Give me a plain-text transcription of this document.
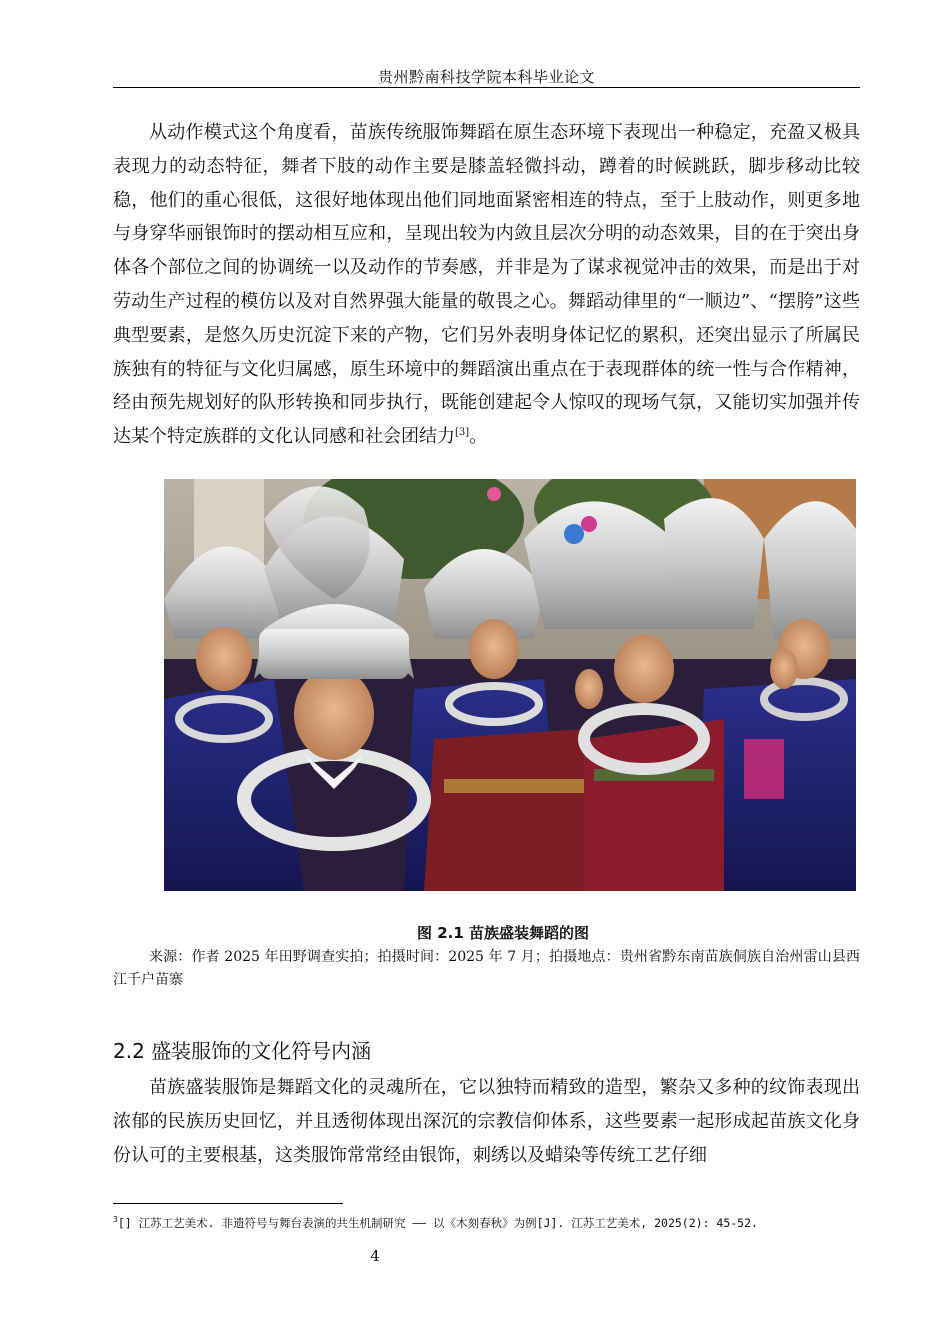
贵州黔南科技学院本科毕业论文

从动作模式这个角度看，苗族传统服饰舞蹈在原生态环境下表现出一种稳定，充盈又极具表现力的动态特征，舞者下肢的动作主要是膝盖轻微抖动，蹲着的时候跳跃，脚步移动比较稳，他们的重心很低，这很好地体现出他们同地面紧密相连的特点，至于上肢动作，则更多地与身穿华丽银饰时的摆动相互应和，呈现出较为内敛且层次分明的动态效果，目的在于突出身体各个部位之间的协调统一以及动作的节奏感，并非是为了谋求视觉冲击的效果，而是出于对劳动生产过程的模仿以及对自然界强大能量的敬畏之心。舞蹈动律里的“一顺边”、“摆胯”这些典型要素，是悠久历史沉淀下来的产物，它们另外表明身体记忆的累积，还突出显示了所属民族独有的特征与文化归属感，原生环境中的舞蹈演出重点在于表现群体的统一性与合作精神，经由预先规划好的队形转换和同步执行，既能创建起令人惊叹的现场气氛，又能切实加强并传达某个特定族群的文化认同感和社会团结力[3]。

图 2.1 苗族盛装舞蹈的图

来源：作者 2025 年田野调查实拍；拍摄时间：2025 年 7 月；拍摄地点：贵州省黔东南苗族侗族自治州雷山县西江千户苗寨

2.2 盛装服饰的文化符号内涵

苗族盛装服饰是舞蹈文化的灵魂所在，它以独特而精致的造型，繁杂又多种的纹饰表现出浓郁的民族历史回忆，并且透彻体现出深沉的宗教信仰体系，这些要素一起形成起苗族文化身份认可的主要根基，这类服饰常常经由银饰，刺绣以及蜡染等传统工艺仔细

$^3$[] 江苏工艺美术. 非遗符号与舞台表演的共生机制研究 —— 以《木刻春秋》为例[J]. 江苏工艺美术, 2025(2): 45-52.

4
